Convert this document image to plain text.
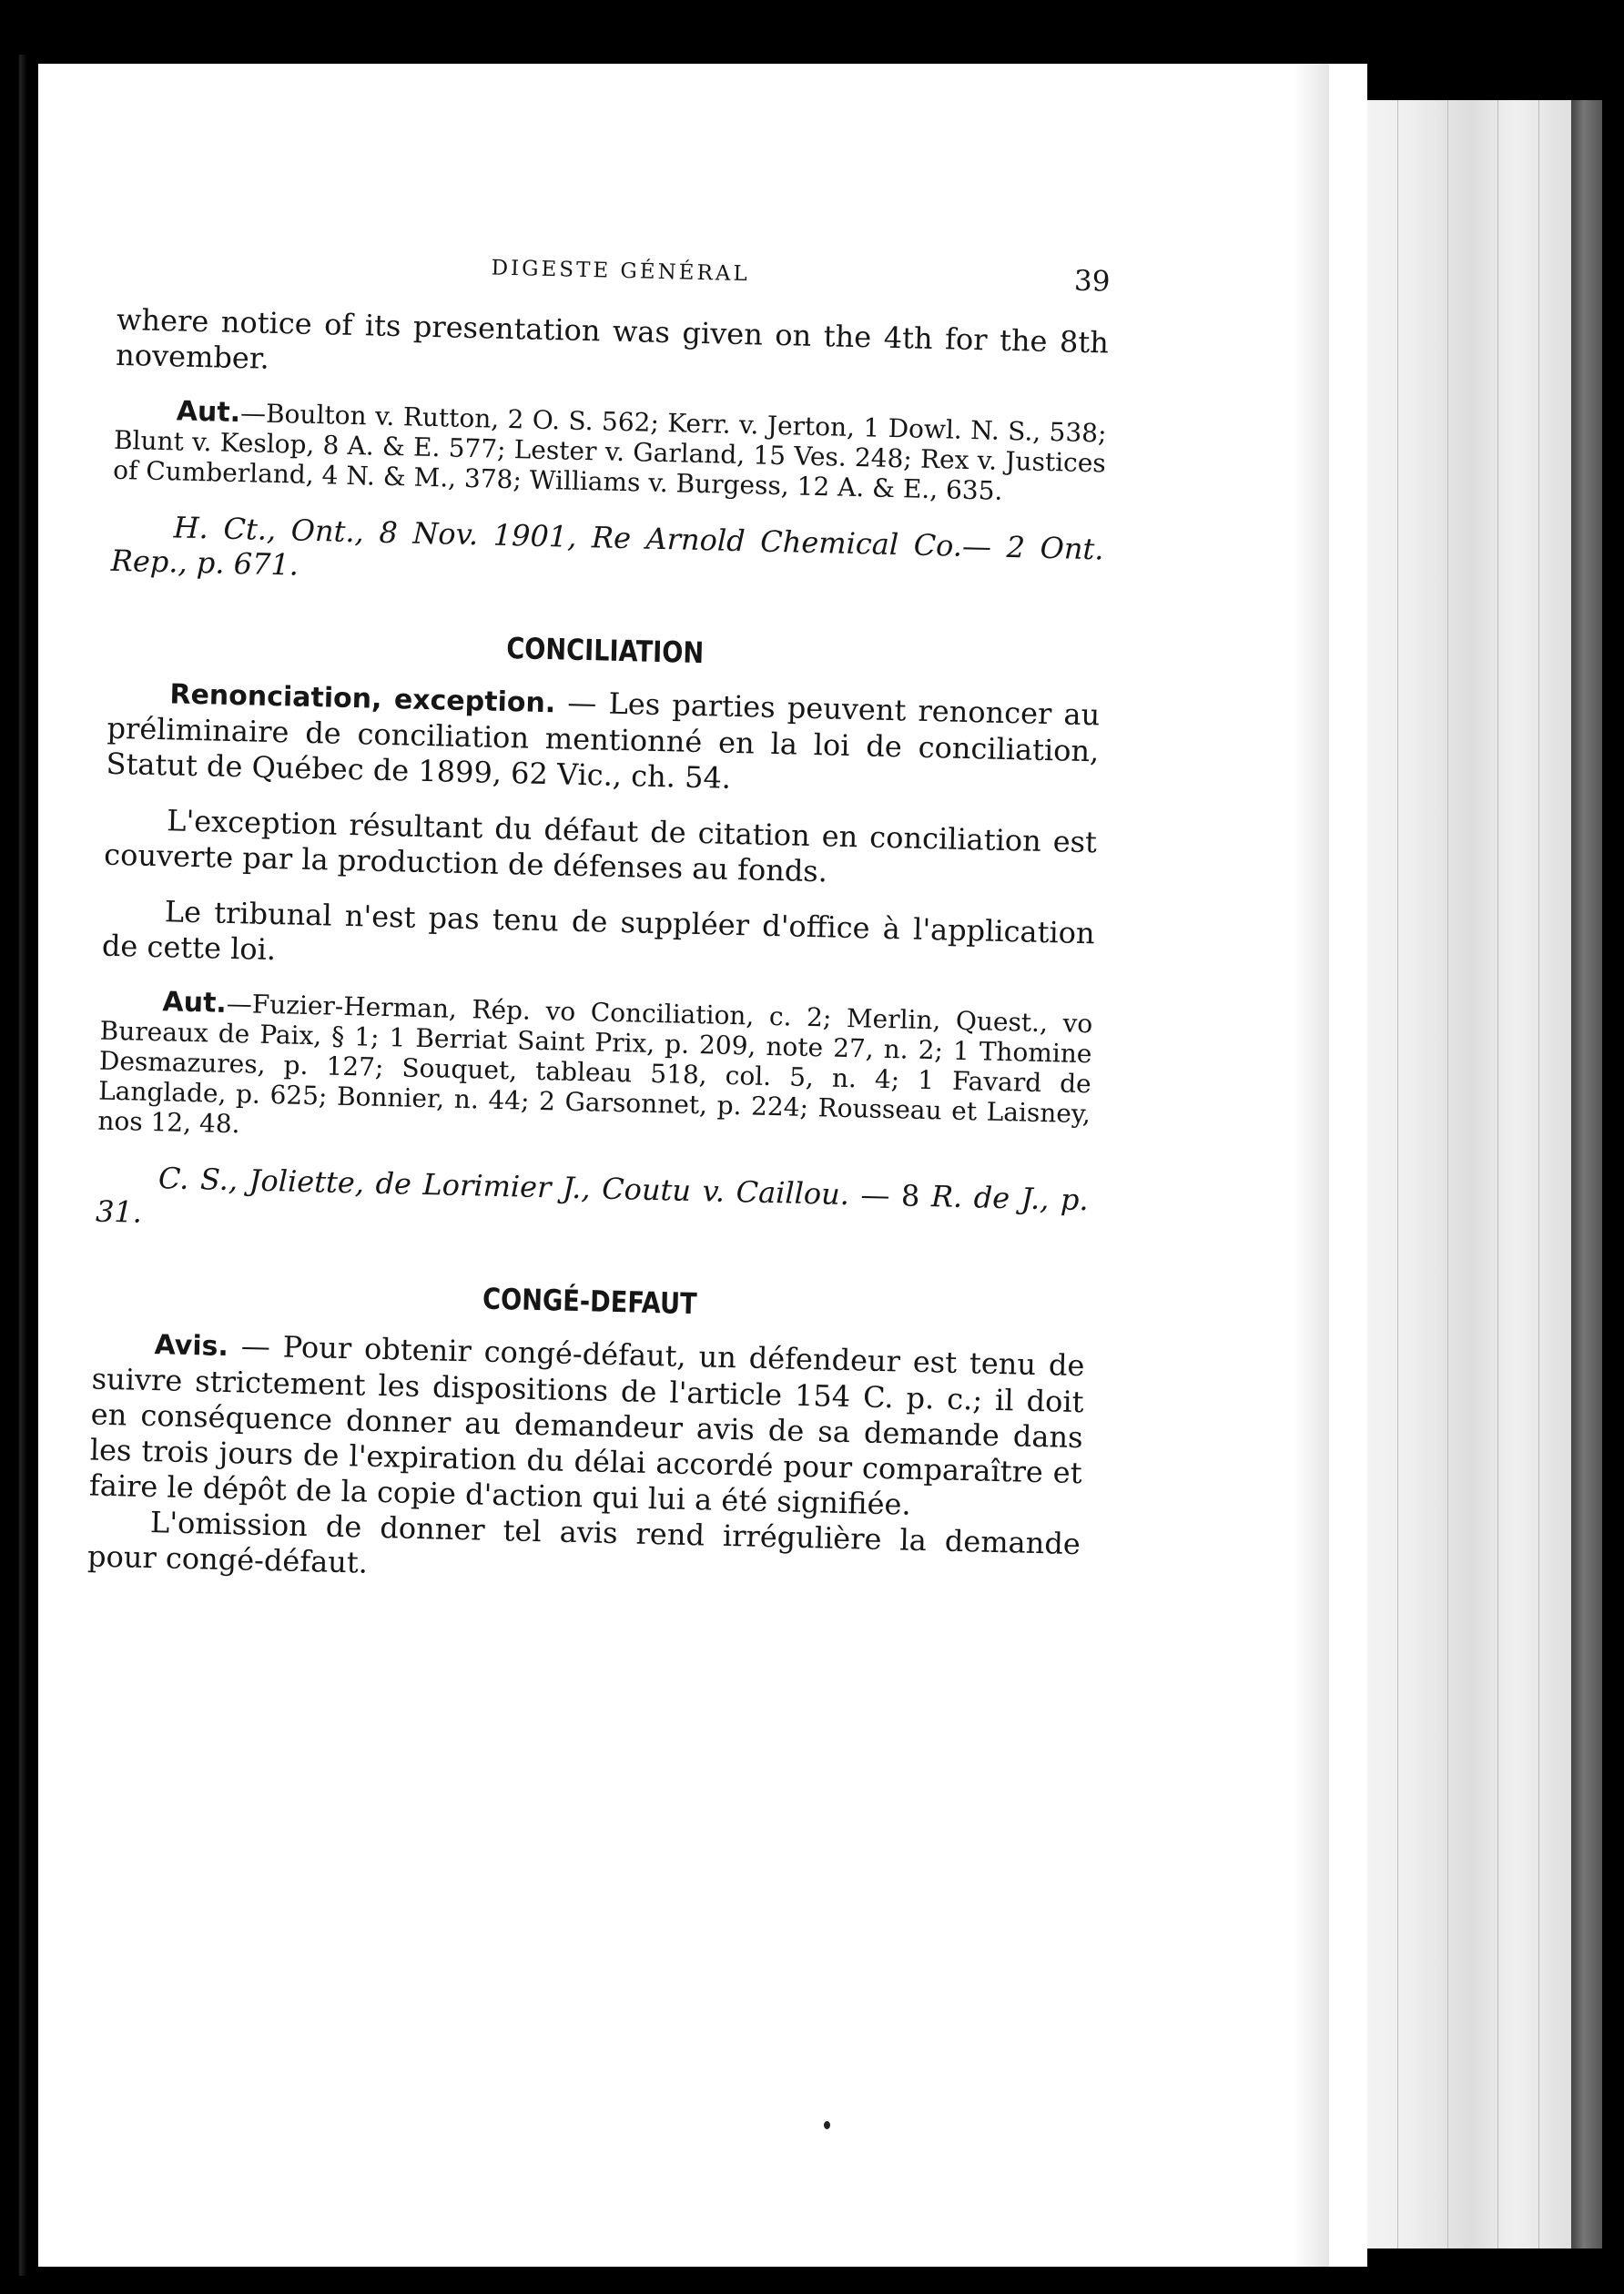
DIGESTE GÉNÉRAL	39

where notice of its presentation was given on the 4th for the 8th november.

Aut.—Boulton v. Rutton, 2 O. S. 562; Kerr. v. Jerton, 1 Dowl. N. S., 538; Blunt v. Keslop, 8 A. & E. 577; Lester v. Garland, 15 Ves. 248; Rex v. Justices of Cumberland, 4 N. & M., 378; Williams v. Burgess, 12 A. & E., 635.

H. Ct., Ont., 8 Nov. 1901, Re Arnold Chemical Co.— 2 Ont. Rep., p. 671.

CONCILIATION

Renonciation, exception. — Les parties peuvent renoncer au préliminaire de conciliation mentionné en la loi de conciliation, Statut de Québec de 1899, 62 Vic., ch. 54.

L'exception résultant du défaut de citation en conciliation est couverte par la production de défenses au fonds.

Le tribunal n'est pas tenu de suppléer d'office à l'application de cette loi.

Aut.—Fuzier-Herman, Rép. vo Conciliation, c. 2; Merlin, Quest., vo Bureaux de Paix, § 1; 1 Berriat Saint Prix, p. 209, note 27, n. 2; 1 Thomine Desmazures, p. 127; Souquet, tableau 518, col. 5, n. 4; 1 Favard de Langlade, p. 625; Bonnier, n. 44; 2 Garsonnet, p. 224; Rousseau et Laisney, nos 12, 48.

C. S., Joliette, de Lorimier J., Coutu v. Caillou. — 8 R. de J., p. 31.

CONGÉ-DEFAUT

Avis. — Pour obtenir congé-défaut, un défendeur est tenu de suivre strictement les dispositions de l'article 154 C. p. c.; il doit en conséquence donner au demandeur avis de sa demande dans les trois jours de l'expiration du délai accordé pour comparaître et faire le dépôt de la copie d'action qui lui a été signifiée.

L'omission de donner tel avis rend irrégulière la demande pour congé-défaut.
